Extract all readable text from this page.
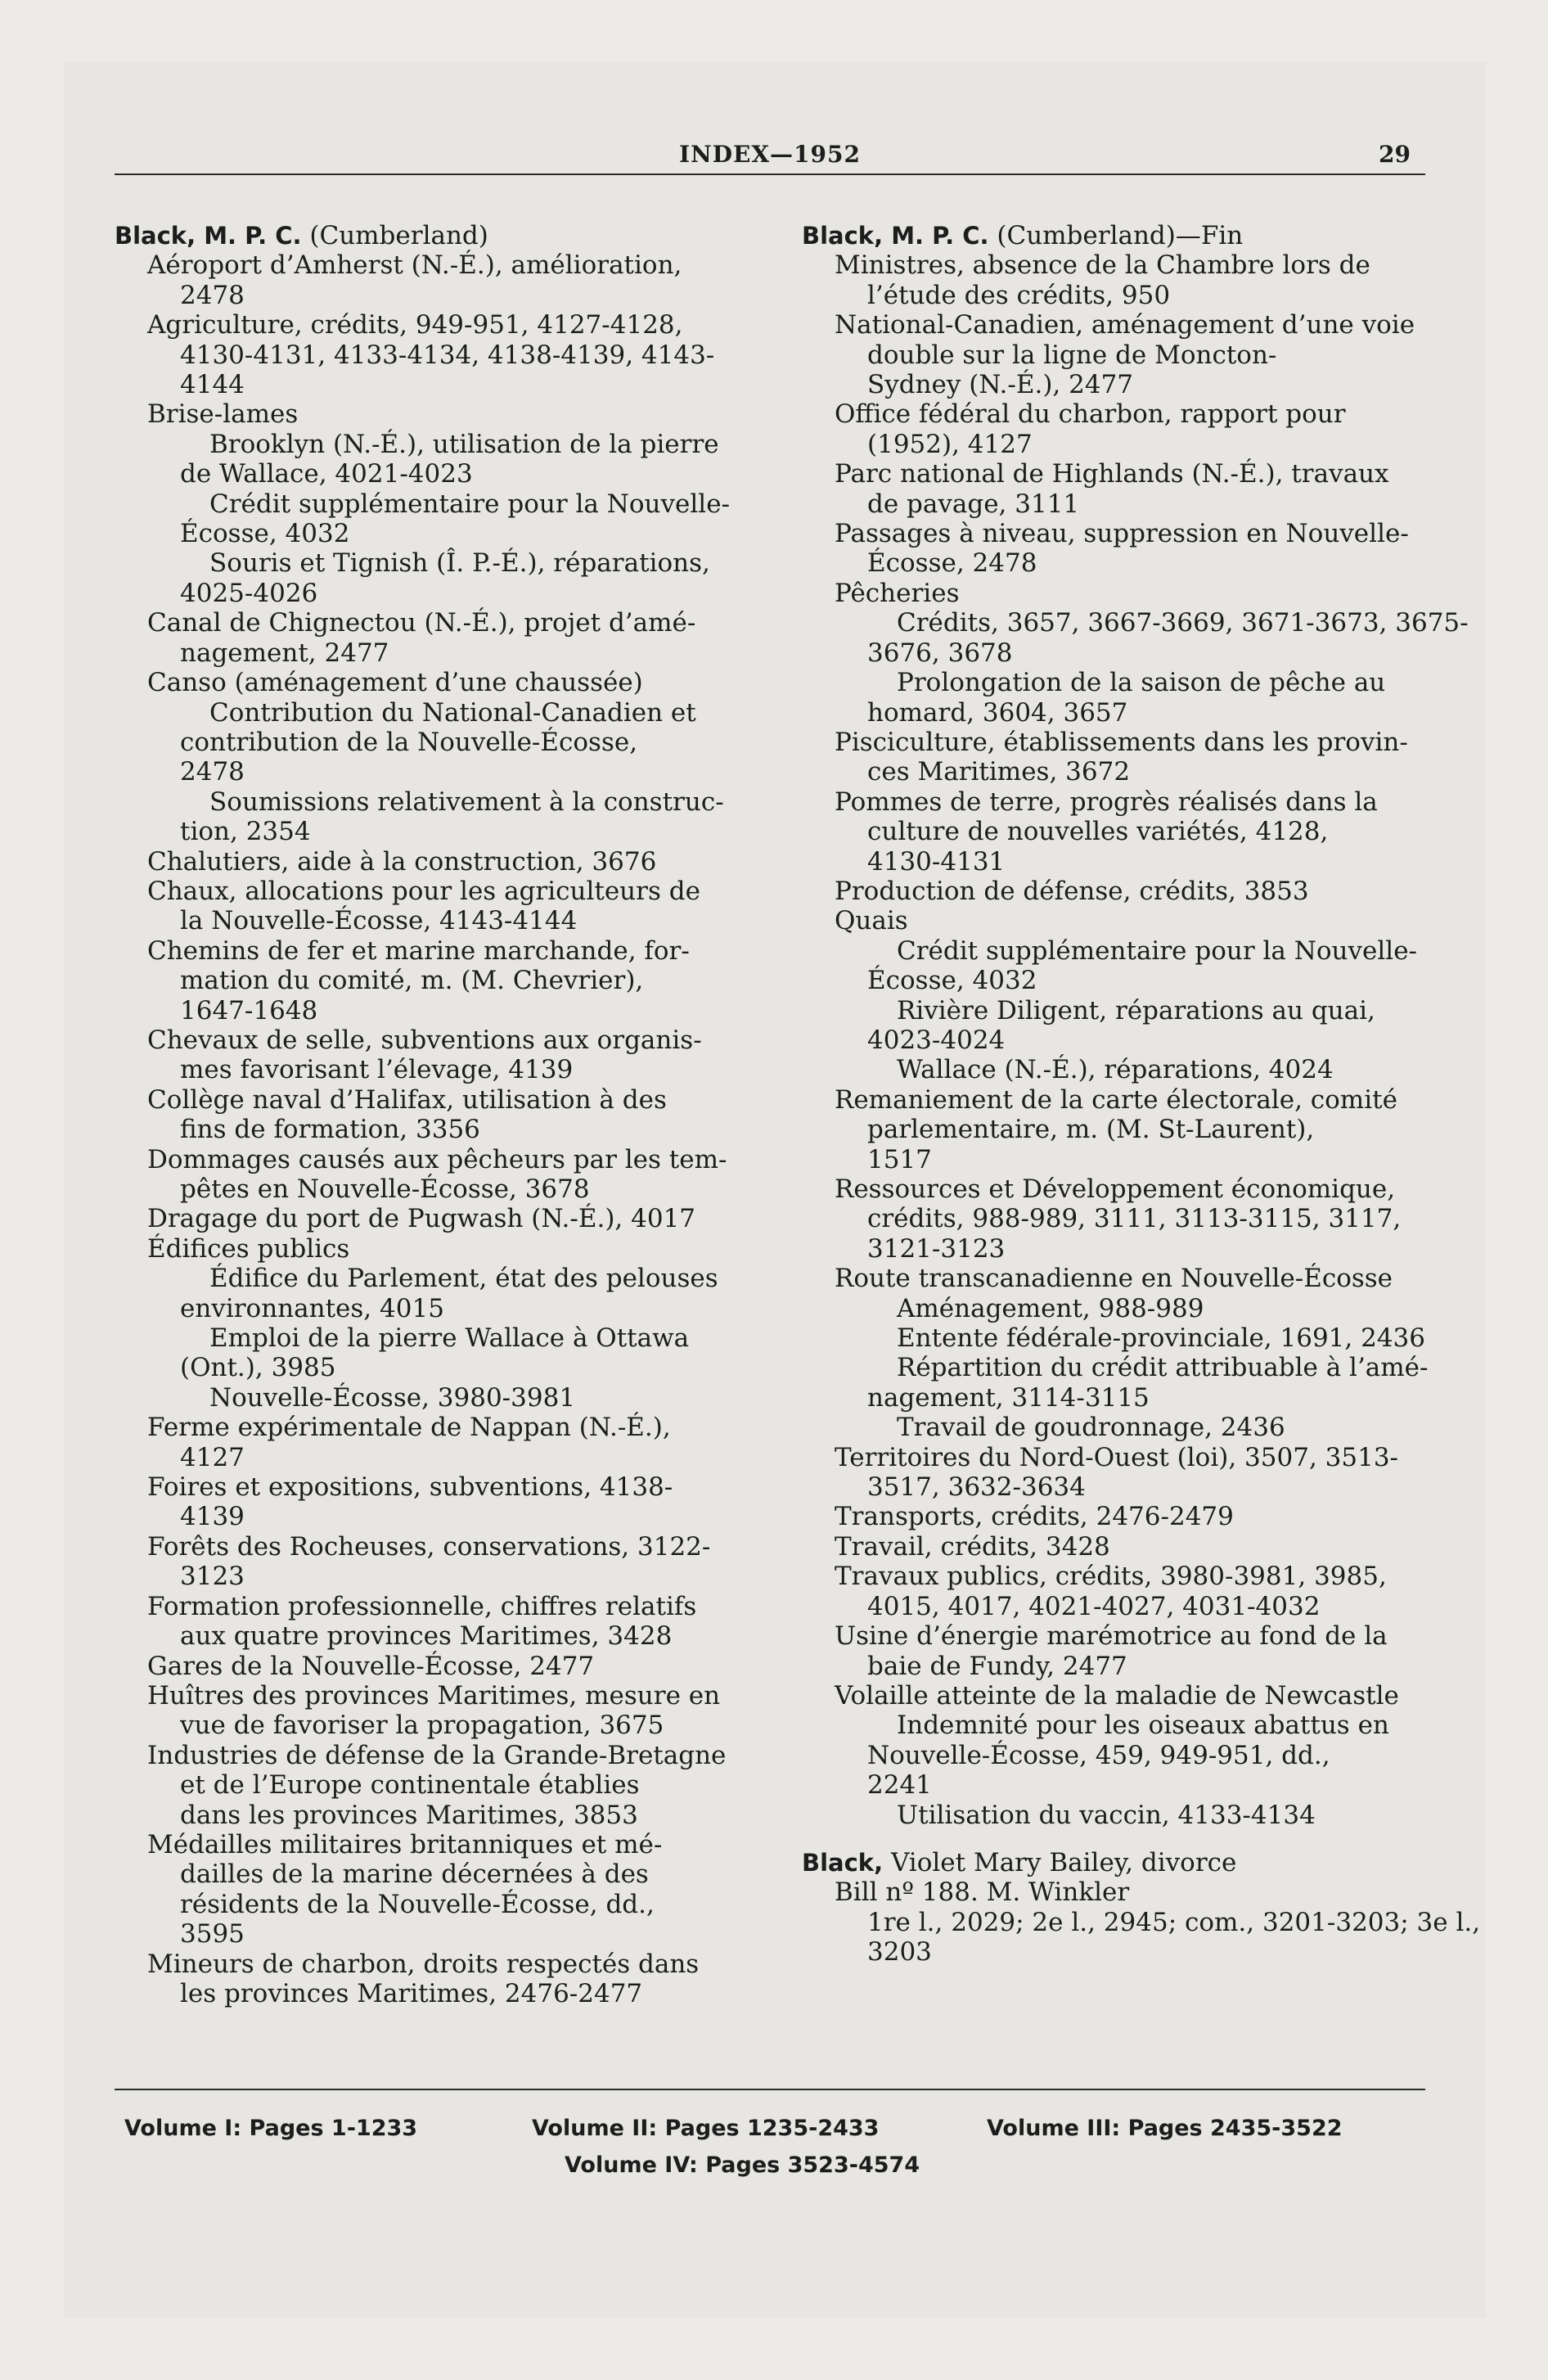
INDEX—1952	29
Black, M. P. C. (Cumberland)
Aéroport d’Amherst (N.-É.), amélioration,
2478
Agriculture, crédits, 949-951, 4127-4128,
4130-4131, 4133-4134, 4138-4139, 4143-
4144
Brise-lames
Brooklyn (N.-É.), utilisation de la pierre
de Wallace, 4021-4023
Crédit supplémentaire pour la Nouvelle-
Écosse, 4032
Souris et Tignish (Î. P.-É.), réparations,
4025-4026
Canal de Chignectou (N.-É.), projet d’amé-
nagement, 2477
Canso (aménagement d’une chaussée)
Contribution du National-Canadien et
contribution de la Nouvelle-Écosse,
2478
Soumissions relativement à la construc-
tion, 2354
Chalutiers, aide à la construction, 3676
Chaux, allocations pour les agriculteurs de
la Nouvelle-Écosse, 4143-4144
Chemins de fer et marine marchande, for-
mation du comité, m. (M. Chevrier),
1647-1648
Chevaux de selle, subventions aux organis-
mes favorisant l’élevage, 4139
Collège naval d’Halifax, utilisation à des
fins de formation, 3356
Dommages causés aux pêcheurs par les tem-
pêtes en Nouvelle-Écosse, 3678
Dragage du port de Pugwash (N.-É.), 4017
Édifices publics
Édifice du Parlement, état des pelouses
environnantes, 4015
Emploi de la pierre Wallace à Ottawa
(Ont.), 3985
Nouvelle-Écosse, 3980-3981
Ferme expérimentale de Nappan (N.-É.),
4127
Foires et expositions, subventions, 4138-
4139
Forêts des Rocheuses, conservations, 3122-
3123
Formation professionnelle, chiffres relatifs
aux quatre provinces Maritimes, 3428
Gares de la Nouvelle-Écosse, 2477
Huîtres des provinces Maritimes, mesure en
vue de favoriser la propagation, 3675
Industries de défense de la Grande-Bretagne
et de l’Europe continentale établies
dans les provinces Maritimes, 3853
Médailles militaires britanniques et mé-
dailles de la marine décernées à des
résidents de la Nouvelle-Écosse, dd.,
3595
Mineurs de charbon, droits respectés dans
les provinces Maritimes, 2476-2477
Black, M. P. C. (Cumberland)—Fin
Ministres, absence de la Chambre lors de
l’étude des crédits, 950
National-Canadien, aménagement d’une voie
double sur la ligne de Moncton-
Sydney (N.-É.), 2477
Office fédéral du charbon, rapport pour
(1952), 4127
Parc national de Highlands (N.-É.), travaux
de pavage, 3111
Passages à niveau, suppression en Nouvelle-
Écosse, 2478
Pêcheries
Crédits, 3657, 3667-3669, 3671-3673, 3675-
3676, 3678
Prolongation de la saison de pêche au
homard, 3604, 3657
Pisciculture, établissements dans les provin-
ces Maritimes, 3672
Pommes de terre, progrès réalisés dans la
culture de nouvelles variétés, 4128,
4130-4131
Production de défense, crédits, 3853
Quais
Crédit supplémentaire pour la Nouvelle-
Écosse, 4032
Rivière Diligent, réparations au quai,
4023-4024
Wallace (N.-É.), réparations, 4024
Remaniement de la carte électorale, comité
parlementaire, m. (M. St-Laurent),
1517
Ressources et Développement économique,
crédits, 988-989, 3111, 3113-3115, 3117,
3121-3123
Route transcanadienne en Nouvelle-Écosse
Aménagement, 988-989
Entente fédérale-provinciale, 1691, 2436
Répartition du crédit attribuable à l’amé-
nagement, 3114-3115
Travail de goudronnage, 2436
Territoires du Nord-Ouest (loi), 3507, 3513-
3517, 3632-3634
Transports, crédits, 2476-2479
Travail, crédits, 3428
Travaux publics, crédits, 3980-3981, 3985,
4015, 4017, 4021-4027, 4031-4032
Usine d’énergie marémotrice au fond de la
baie de Fundy, 2477
Volaille atteinte de la maladie de Newcastle
Indemnité pour les oiseaux abattus en
Nouvelle-Écosse, 459, 949-951, dd.,
2241
Utilisation du vaccin, 4133-4134
Black, Violet Mary Bailey, divorce
Bill nº 188. M. Winkler
1re l., 2029; 2e l., 2945; com., 3201-3203; 3e l.,
3203
Volume I: Pages 1-1233	Volume II: Pages 1235-2433	Volume III: Pages 2435-3522
Volume IV: Pages 3523-4574
